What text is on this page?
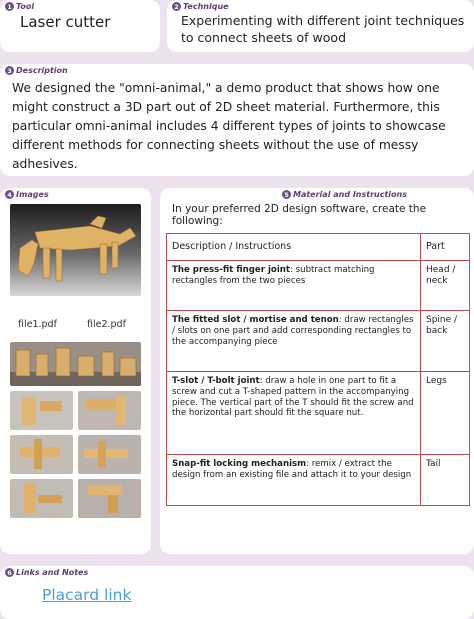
1 Tool
Laser cutter
2 Technique
Experimenting with different joint techniques to connect sheets of wood
3 Description
We designed the "omni-animal," a demo product that shows how one might construct a 3D part out of 2D sheet material. Furthermore, this particular omni-animal includes 4 different types of joints to showcase different methods for connecting sheets without the use of messy adhesives.
4 Images
file1.pdf	file2.pdf
5 Material and Instructions
In your preferred 2D design software, create the following:
Description / Instructions	Part
The press-fit finger joint: subtract matching rectangles from the two pieces	Head / neck
The fitted slot / mortise and tenon: draw rectangles / slots on one part and add corresponding rectangles to the accompanying piece	Spine / back
T-slot / T-bolt joint: draw a hole in one part to fit a screw and cut a T-shaped pattern in the accompanying piece. The vertical part of the T should fit the screw and the horizontal part should fit the square nut.	Legs
Snap-fit locking mechanism: remix / extract the design from an existing file and attach it to your design	Tail
6 Links and Notes
Placard link
